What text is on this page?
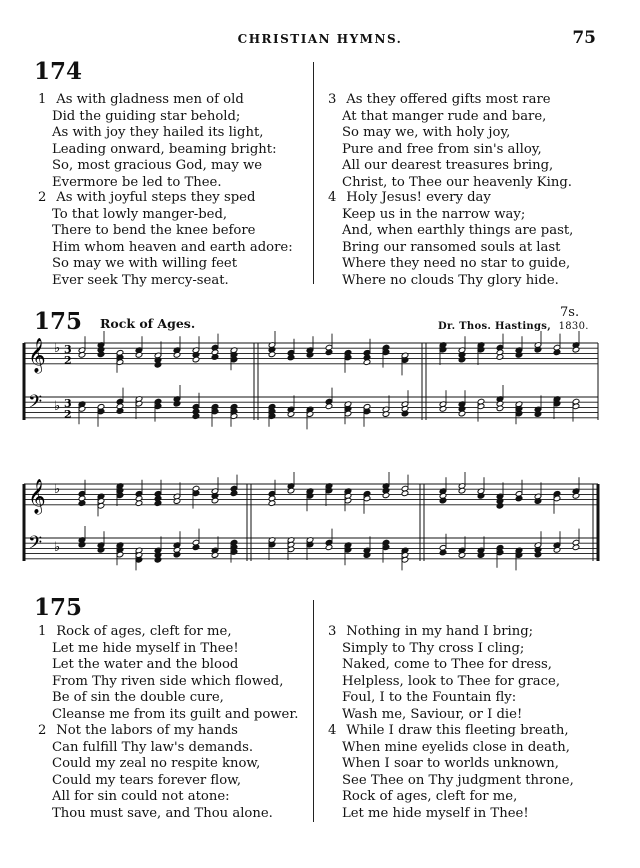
CHRISTIAN HYMNS.	75
174
1 As with gladness men of old
Did the guiding star behold;
As with joy they hailed its light,
Leading onward, beaming bright:
So, most gracious God, may we
Evermore be led to Thee.
2 As with joyful steps they sped
To that lowly manger-bed,
There to bend the knee before
Him whom heaven and earth adore:
So may we with willing feet
Ever seek Thy mercy-seat.
3 As they offered gifts most rare
At that manger rude and bare,
So may we, with holy joy,
Pure and free from sin's alloy,
All our dearest treasures bring,
Christ, to Thee our heavenly King.
4 Holy Jesus! every day
Keep us in the narrow way;
And, when earthly things are past,
Bring our ransomed souls at last
Where they need no star to guide,
Where no clouds Thy glory hide.
175 Rock of Ages.
7s.
Dr. Thos. Hastings, 1830.
𝄞 ♭
𝄢 ♭
𝄞 ♭
𝄢 ♭
3
2
3
2
175
1 Rock of ages, cleft for me,
Let me hide myself in Thee!
Let the water and the blood
From Thy riven side which flowed,
Be of sin the double cure,
Cleanse me from its guilt and power.
2 Not the labors of my hands
Can fulfill Thy law's demands.
Could my zeal no respite know,
Could my tears forever flow,
All for sin could not atone:
Thou must save, and Thou alone.
3 Nothing in my hand I bring;
Simply to Thy cross I cling;
Naked, come to Thee for dress,
Helpless, look to Thee for grace,
Foul, I to the Fountain fly:
Wash me, Saviour, or I die!
4 While I draw this fleeting breath,
When mine eyelids close in death,
When I soar to worlds unknown,
See Thee on Thy judgment throne,
Rock of ages, cleft for me,
Let me hide myself in Thee!
